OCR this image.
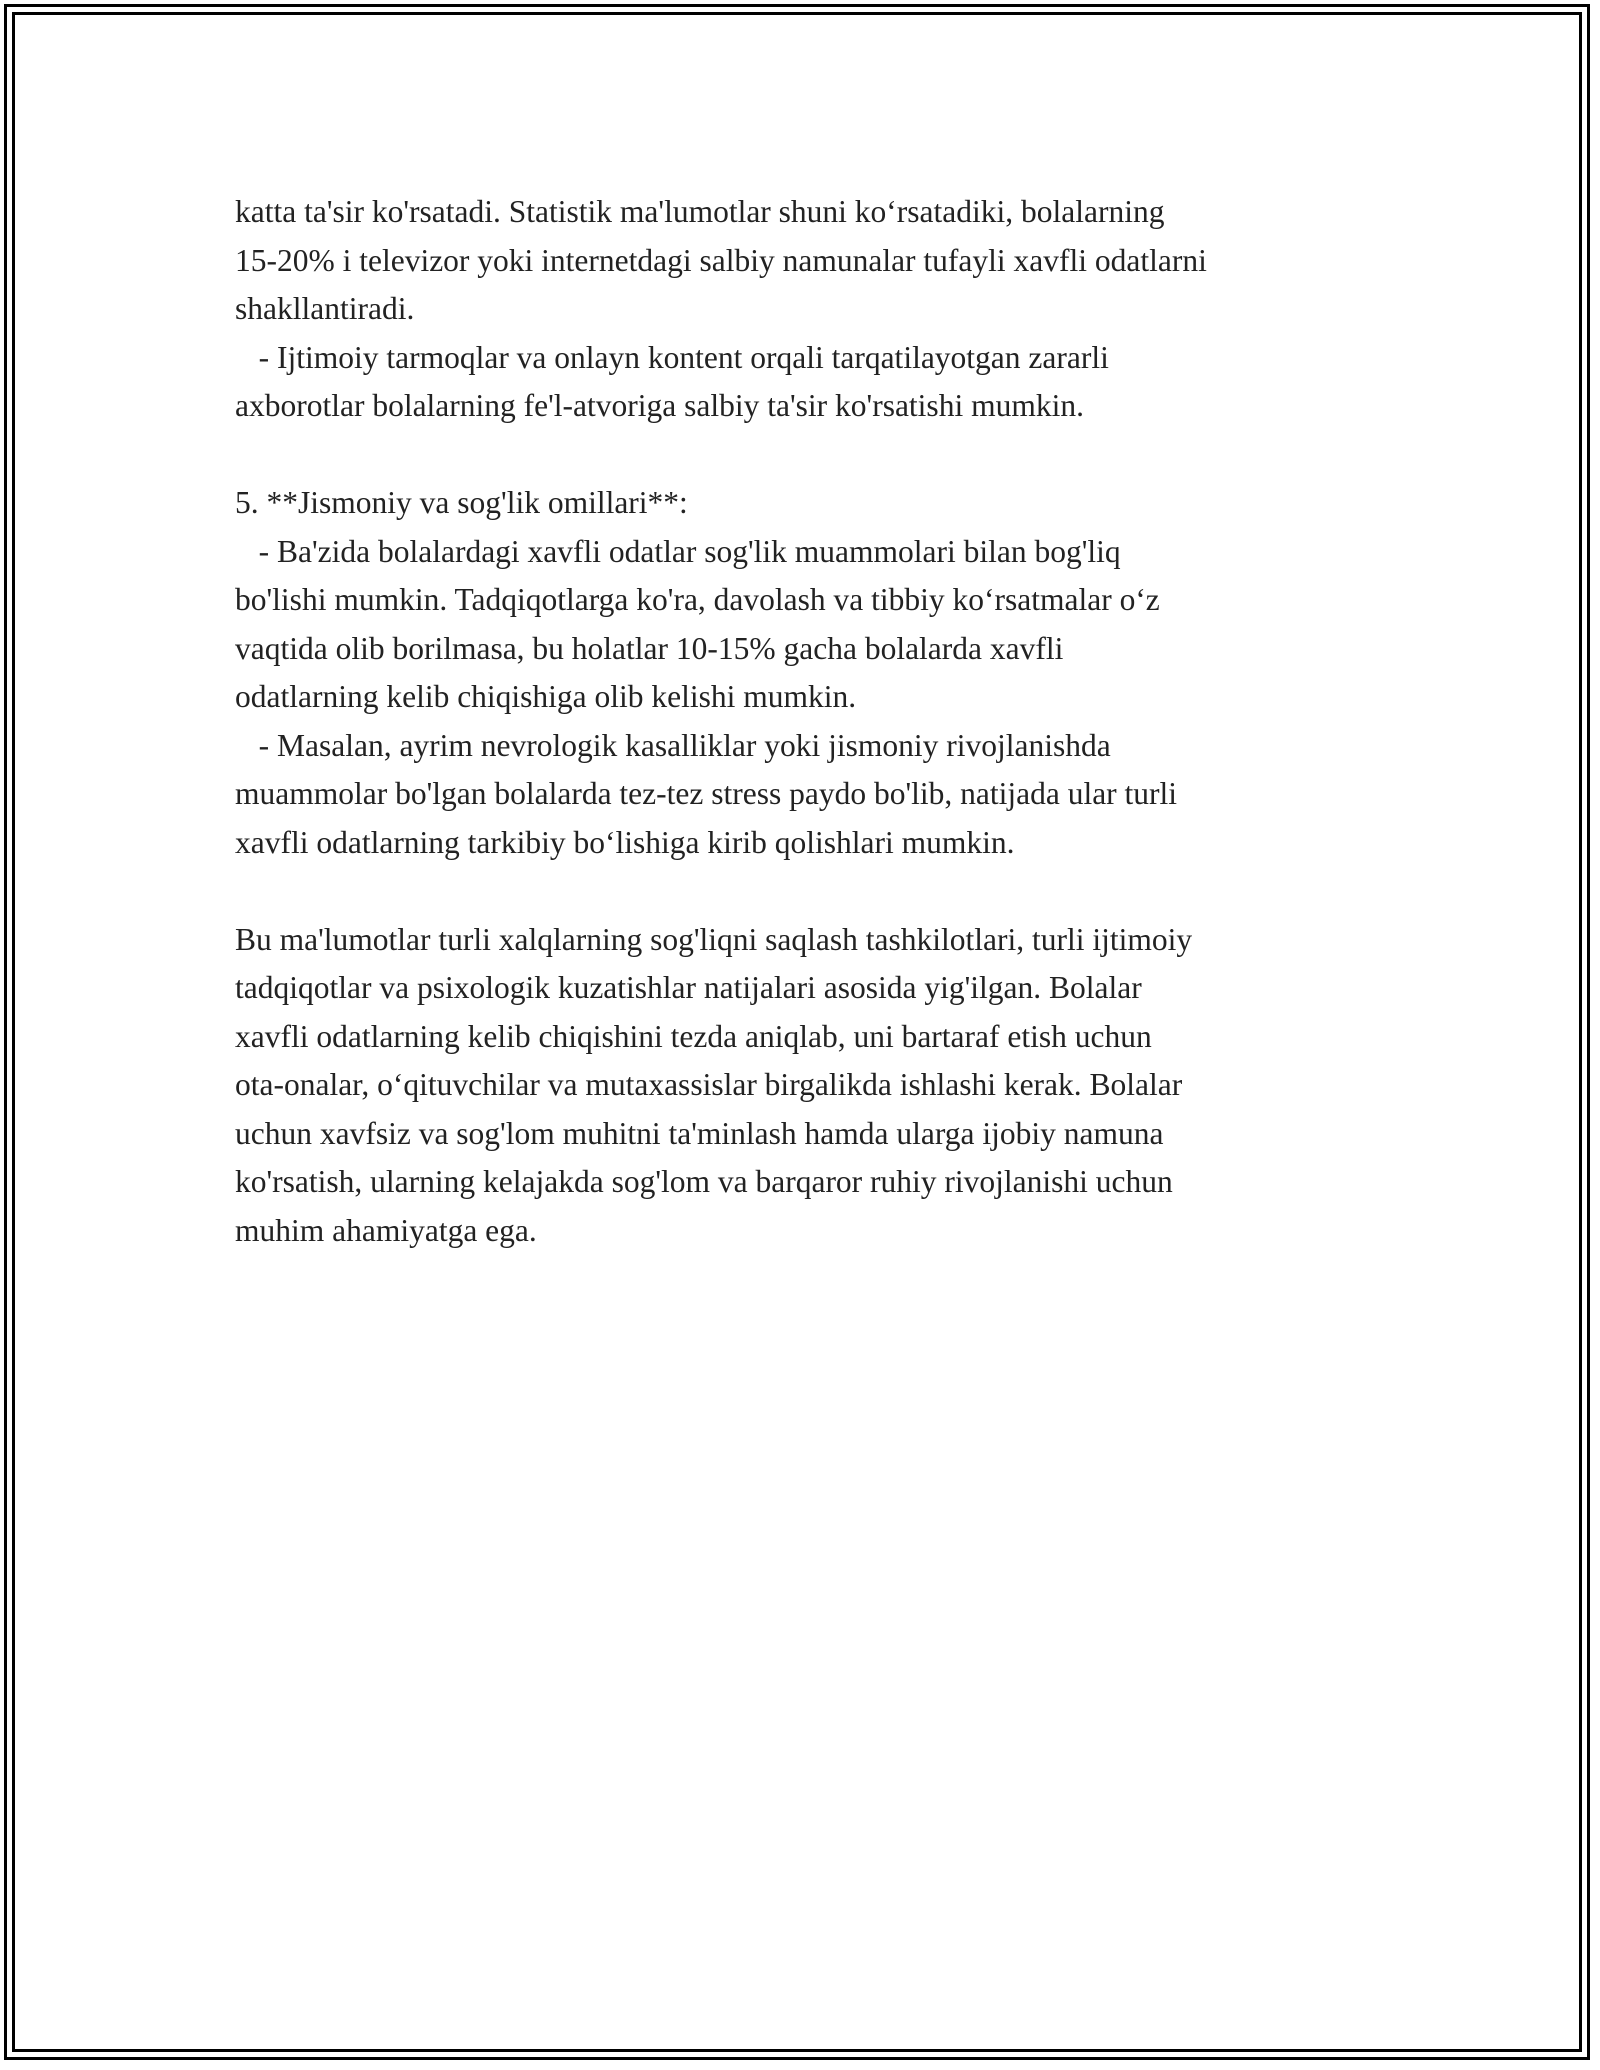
katta ta'sir ko'rsatadi. Statistik ma'lumotlar shuni ko‘rsatadiki, bolalarning
15-20% i televizor yoki internetdagi salbiy namunalar tufayli xavfli odatlarni
shakllantiradi.
- Ijtimoiy tarmoqlar va onlayn kontent orqali tarqatilayotgan zararli
axborotlar bolalarning fe'l-atvoriga salbiy ta'sir ko'rsatishi mumkin.
5. **Jismoniy va sog'lik omillari**:
- Ba'zida bolalardagi xavfli odatlar sog'lik muammolari bilan bog'liq
bo'lishi mumkin. Tadqiqotlarga ko'ra, davolash va tibbiy ko‘rsatmalar o‘z
vaqtida olib borilmasa, bu holatlar 10-15% gacha bolalarda xavfli
odatlarning kelib chiqishiga olib kelishi mumkin.
- Masalan, ayrim nevrologik kasalliklar yoki jismoniy rivojlanishda
muammolar bo'lgan bolalarda tez-tez stress paydo bo'lib, natijada ular turli
xavfli odatlarning tarkibiy bo‘lishiga kirib qolishlari mumkin.
Bu ma'lumotlar turli xalqlarning sog'liqni saqlash tashkilotlari, turli ijtimoiy
tadqiqotlar va psixologik kuzatishlar natijalari asosida yig'ilgan. Bolalar
xavfli odatlarning kelib chiqishini tezda aniqlab, uni bartaraf etish uchun
ota-onalar, o‘qituvchilar va mutaxassislar birgalikda ishlashi kerak. Bolalar
uchun xavfsiz va sog'lom muhitni ta'minlash hamda ularga ijobiy namuna
ko'rsatish, ularning kelajakda sog'lom va barqaror ruhiy rivojlanishi uchun
muhim ahamiyatga ega.
